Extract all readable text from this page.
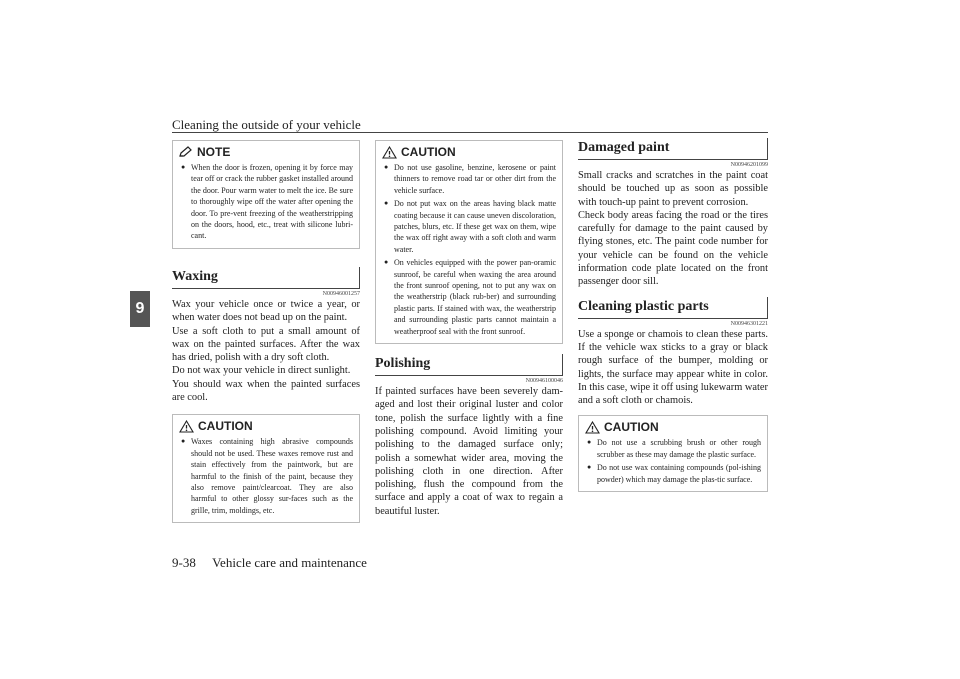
Cleaning the outside of your vehicle
9
NOTE
● When the door is frozen, opening it by force may tear off or crack the rubber gasket installed around the door. Pour warm water to melt the ice. Be sure to thoroughly wipe off the water after opening the door. To pre-vent freezing of the weatherstripping on the doors, hood, etc., treat with silicone lubri-cant.
Waxing
N00946001257

Wax your vehicle once or twice a year, or when water does not bead up on the paint.

Use a soft cloth to put a small amount of wax on the painted surfaces. After the wax has dried, polish with a dry soft cloth.

Do not wax your vehicle in direct sunlight.

You should wax when the painted surfaces are cool.

CAUTION
● Waxes containing high abrasive compounds should not be used. These waxes remove rust and stain effectively from the paintwork, but are harmful to the finish of the paint, because they also remove paint/clearcoat. They are also harmful to other glossy sur-faces such as the grille, trim, moldings, etc.
CAUTION
● Do not use gasoline, benzine, kerosene or paint thinners to remove road tar or other dirt from the vehicle surface.
● Do not put wax on the areas having black matte coating because it can cause uneven discoloration, patches, blurs, etc. If these get wax on them, wipe the wax off right away with a soft cloth and warm water.
● On vehicles equipped with the power pan-oramic sunroof, be careful when waxing the area around the front sunroof opening, not to put any wax on the weatherstrip (black rub-ber) and surrounding plastic parts. If stained with wax, the weatherstrip and surrounding plastic parts cannot maintain a weatherproof seal with the front sunroof.
Polishing
N00946100046

If painted surfaces have been severely dam-aged and lost their original luster and color tone, polish the surface lightly with a fine polishing compound. Avoid limiting your polishing to the damaged surface only; polish a somewhat wider area, moving the polishing cloth in one direction. After polishing, flush the compound from the surface and apply a coat of wax to regain a beautiful luster.

Damaged paint
N00946201099

Small cracks and scratches in the paint coat should be touched up as soon as possible with touch-up paint to prevent corrosion.

Check body areas facing the road or the tires carefully for damage to the paint caused by flying stones, etc. The paint code number for your vehicle can be found on the vehicle information code plate located on the front passenger door sill.

Cleaning plastic parts
N00946301221

Use a sponge or chamois to clean these parts. If the vehicle wax sticks to a gray or black rough surface of the bumper, molding or lights, the surface may appear white in color. In this case, wipe it off using lukewarm water and a soft cloth or chamois.

CAUTION
● Do not use a scrubbing brush or other rough scrubber as these may damage the plastic surface.
● Do not use wax containing compounds (pol-ishing powder) which may damage the plas-tic surface.
9-38 Vehicle care and maintenance
